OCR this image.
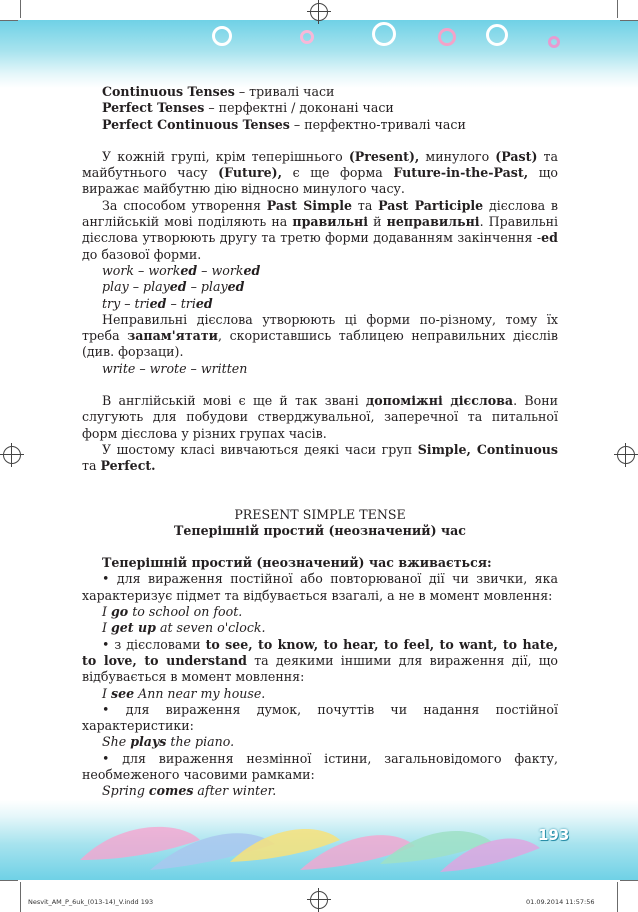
Continuous Tenses – тривалі часи

Perfect Tenses – перфектні / доконані часи

Perfect Continuous Tenses – перфектно-тривалі часи

У кожній групі, крім теперішнього (Present), минулого (Past) та майбутнього часу (Future), є ще форма Future-in-the-Past, що виражає майбутню дію відносно минулого часу.

За способом утворення Past Simple та Past Participle дієслова в англійській мові поділяють на правильні й неправильні. Правильні дієслова утворюють другу та третю форми додаванням закінчення -ed до базової форми.

work – worked – worked

play – played – played

try – tried – tried

Неправильні дієслова утворюють ці форми по-різному, тому їх треба запам'ятати, скориставшись таблицею неправильних дієслів (див. форзаци).

write – wrote – written

В англійській мові є ще й так звані допоміжні дієслова. Вони слугують для побудови стверджувальної, заперечної та питальної форм дієслова у різних групах часів.

У шостому класі вивчаються деякі часи груп Simple, Continuous та Perfect.

PRESENT SIMPLE TENSE

Теперішній простий (неозначений) час

Теперішній простий (неозначений) час вживається:

• для вираження постійної або повторюваної дії чи звички, яка характеризує підмет та відбувається взагалі, а не в момент мовлення:

I go to school on foot.

I get up at seven o'clock.

• з дієсловами to see, to know, to hear, to feel, to want, to hate, to love, to understand та деякими іншими для вираження дії, що відбувається в момент мовлення:

I see Ann near my house.

• для вираження думок, почуттів чи надання постійної характеристики:

She plays the piano.

• для вираження незмінної істини, загальновідомого факту, необмеженого часовими рамками:

Spring comes after winter.

193
Nesvit_AM_P_6uk_(013-14)_V.indd 193	01.09.2014 11:57:56
